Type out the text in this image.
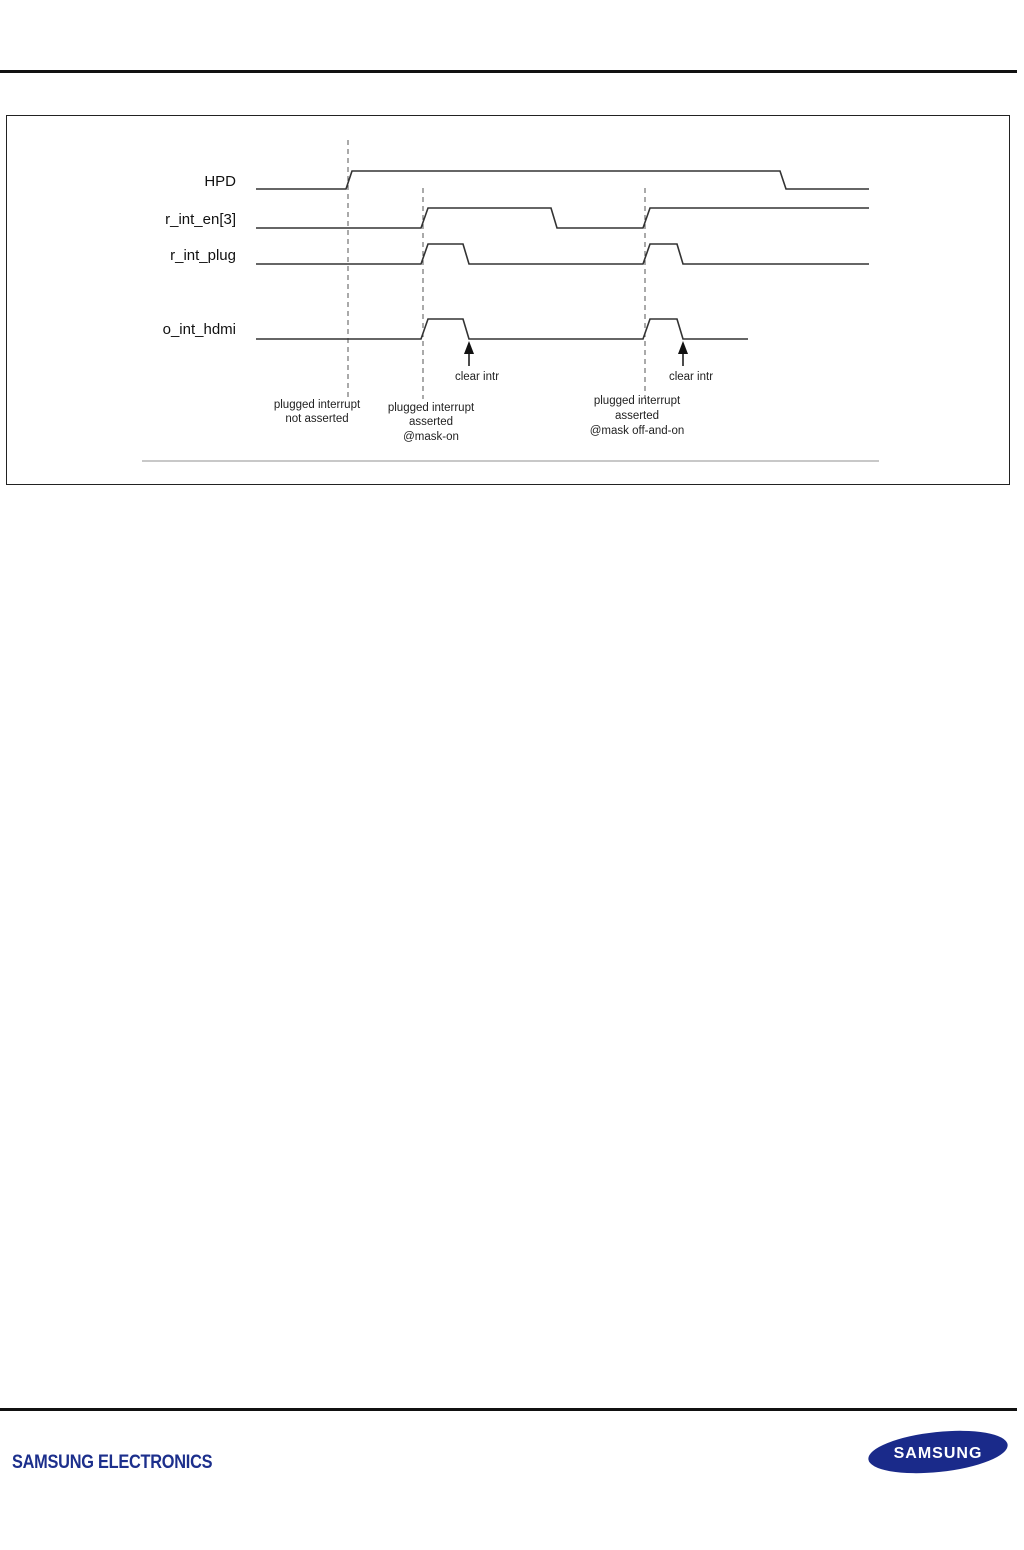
HPD
r_int_en[3]
r_int_plug
o_int_hdmi
clear intr	clear intr
plugged interrupt
not asserted
plugged interrupt
asserted
@mask-on
plugged interrupt
asserted
@mask off-and-on
SAMSUNG ELECTRONICS	SAMSUNG
